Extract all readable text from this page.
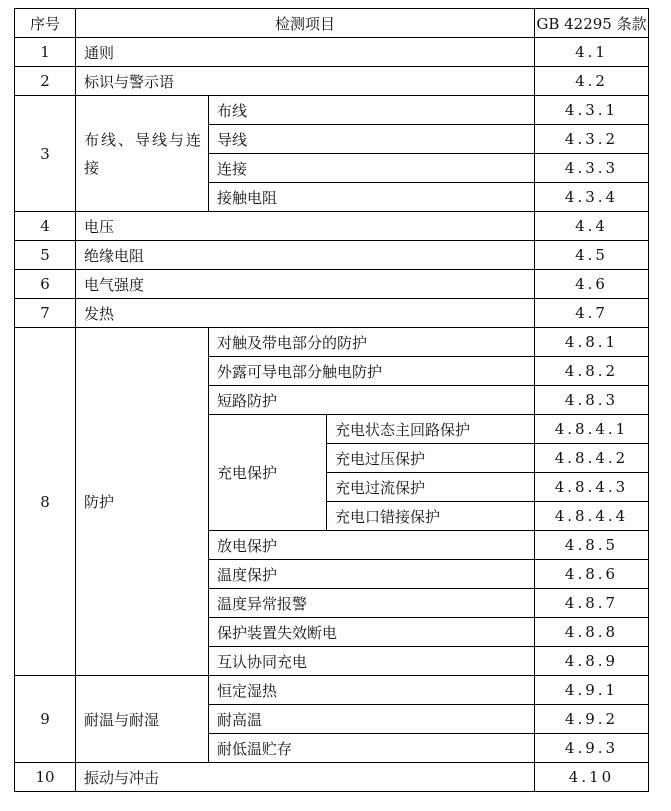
序号	检测项目			GB 42295 条款
1	通则			4.1
2	标识与警示语			4.2
3	布线、导线与连接	布线		4.3.1
		导线		4.3.2
		连接		4.3.3
		接触电阻		4.3.4
4	电压			4.4
5	绝缘电阻			4.5
6	电气强度			4.6
7	发热			4.7
8	防护	对触及带电部分的防护		4.8.1
		外露可导电部分触电防护		4.8.2
		短路防护		4.8.3
		充电保护	充电状态主回路保护	4.8.4.1
			充电过压保护	4.8.4.2
			充电过流保护	4.8.4.3
			充电口错接保护	4.8.4.4
		放电保护		4.8.5
		温度保护		4.8.6
		温度异常报警		4.8.7
		保护装置失效断电		4.8.8
		互认协同充电		4.8.9
9	耐温与耐湿	恒定湿热		4.9.1
		耐高温		4.9.2
		耐低温贮存		4.9.3
10	振动与冲击			4.10
